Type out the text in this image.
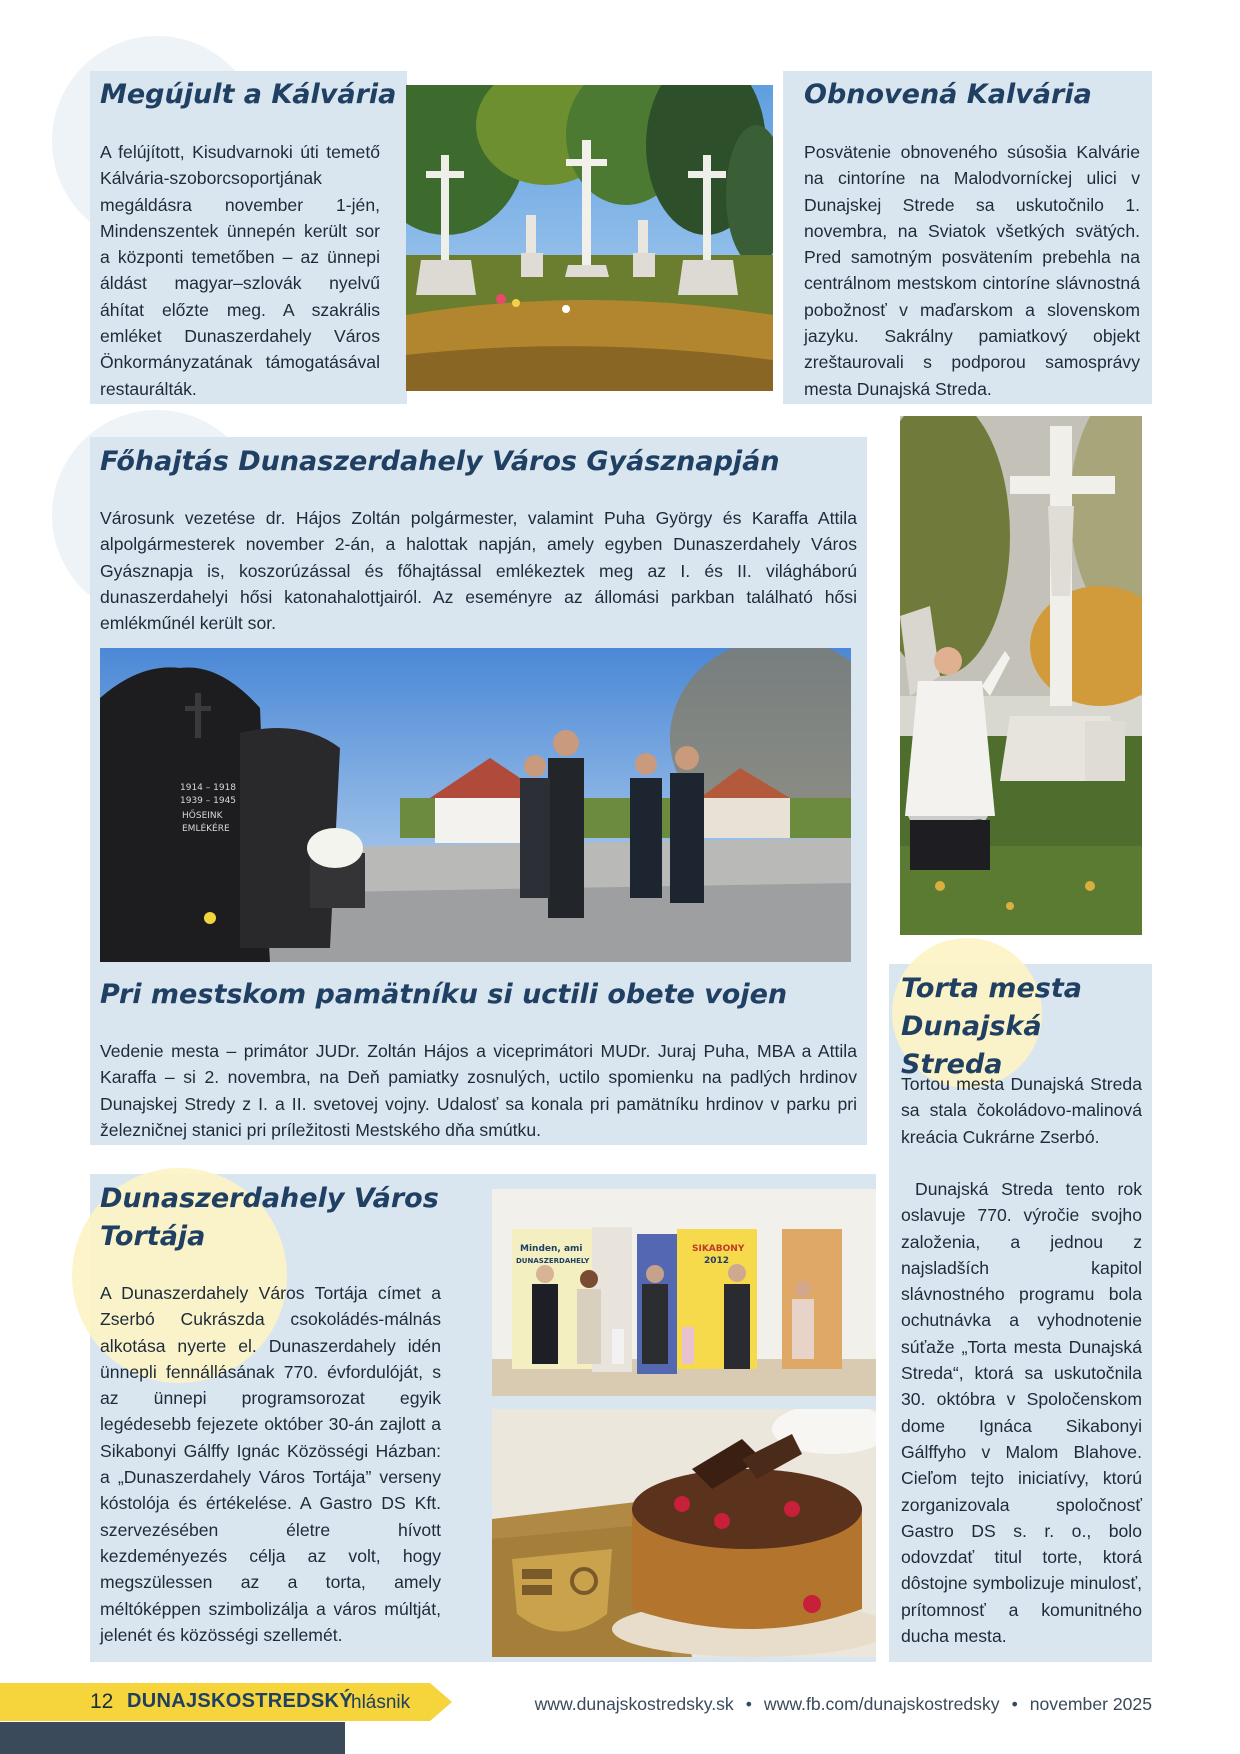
Megújult a Kálvária

A felújított, Kisudvarnoki úti temető Kálvária-szoborcsoportjának megáldásra november 1-jén, Mindenszentek ünnepén került sor a központi temetőben – az ünnepi áldást magyar–szlovák nyelvű áhítat előzte meg. A szakrális emléket Dunaszerdahely Város Önkormányzatának támogatásával restaurálták.

Obnovená Kalvária

Posvätenie obnoveného súsošia Kalvárie na cintoríne na Malodvorníckej ulici v Dunajskej Strede sa uskutočnilo 1. novembra, na Sviatok všetkých svätých. Pred samotným posvätením prebehla na centrálnom mestskom cintoríne slávnostná pobožnosť v maďarskom a slovenskom jazyku. Sakrálny pamiatkový objekt zreštaurovali s podporou samosprávy mesta Dunajská Streda.

Főhajtás Dunaszerdahely Város Gyásznapján

Városunk vezetése dr. Hájos Zoltán polgármester, valamint Puha György és Karaffa Attila alpolgármesterek november 2-án, a halottak napján, amely egyben Dunaszerdahely Város Gyásznapja is, koszorúzással és főhajtással emlékeztek meg az I. és II. világháború dunaszerdahelyi hősi katonahalottjairól. Az eseményre az állomási parkban található hősi emlékműnél került sor.

1914 – 1918
1939 – 1945
HŐSEINK
EMLÉKÉRE
Pri mestskom pamätníku si uctili obete vojen

Vedenie mesta – primátor JUDr. Zoltán Hájos a viceprimátori MUDr. Juraj Puha, MBA a Attila Karaffa – si 2. novembra, na Deň pamiatky zosnulých, uctilo spomienku na padlých hrdinov Dunajskej Stredy z I. a II. svetovej vojny. Udalosť sa konala pri pamätníku hrdinov v parku pri železničnej stanici pri príležitosti Mestského dňa smútku.

Dunaszerdahely Város Tortája

A Dunaszerdahely Város Tortája címet a Zserbó Cukrászda csokoládés-málnás alkotása nyerte el. Dunaszerdahely idén ünnepli fennállásának 770. évfordulóját, s az ünnepi programsorozat egyik legédesebb fejezete október 30-án zajlott a Sikabonyi Gálffy Ignác Közösségi Házban: a „Dunaszerdahely Város Tortája” verseny kóstolója és értékelése. A Gastro DS Kft. szervezésében életre hívott kezdeményezés célja az volt, hogy megszülessen az a torta, amely méltóképpen szimbolizálja a város múltját, jelenét és közösségi szellemét.

Minden, ami
DUNASZERDAHELY
SIKABONY
2012
Torta mesta Dunajská Streda

Tortou mesta Dunajská Streda sa stala čokoládovo-malinová kreácia Cukrárne Zserbó.

Dunajská Streda tento rok oslavuje 770. výročie svojho založenia, a jednou z najsladších kapitol slávnostného programu bola ochutnávka a vyhodnotenie súťaže „Torta mesta Dunajská Streda“, ktorá sa uskutočnila 30. októbra v Spoločenskom dome Ignáca Sikabonyi Gálffyho v Malom Blahove. Cieľom tejto iniciatívy, ktorú zorganizovala spoločnosť Gastro DS s. r. o., bolo odovzdať titul torte, ktorá dôstojne symbolizuje minulosť, prítomnosť a komunitného ducha mesta.

12 DUNAJSKOSTREDSKÝ
hlásnik	www.dunajskostredsky.sk • www.fb.com/dunajskostredsky • november 2025
